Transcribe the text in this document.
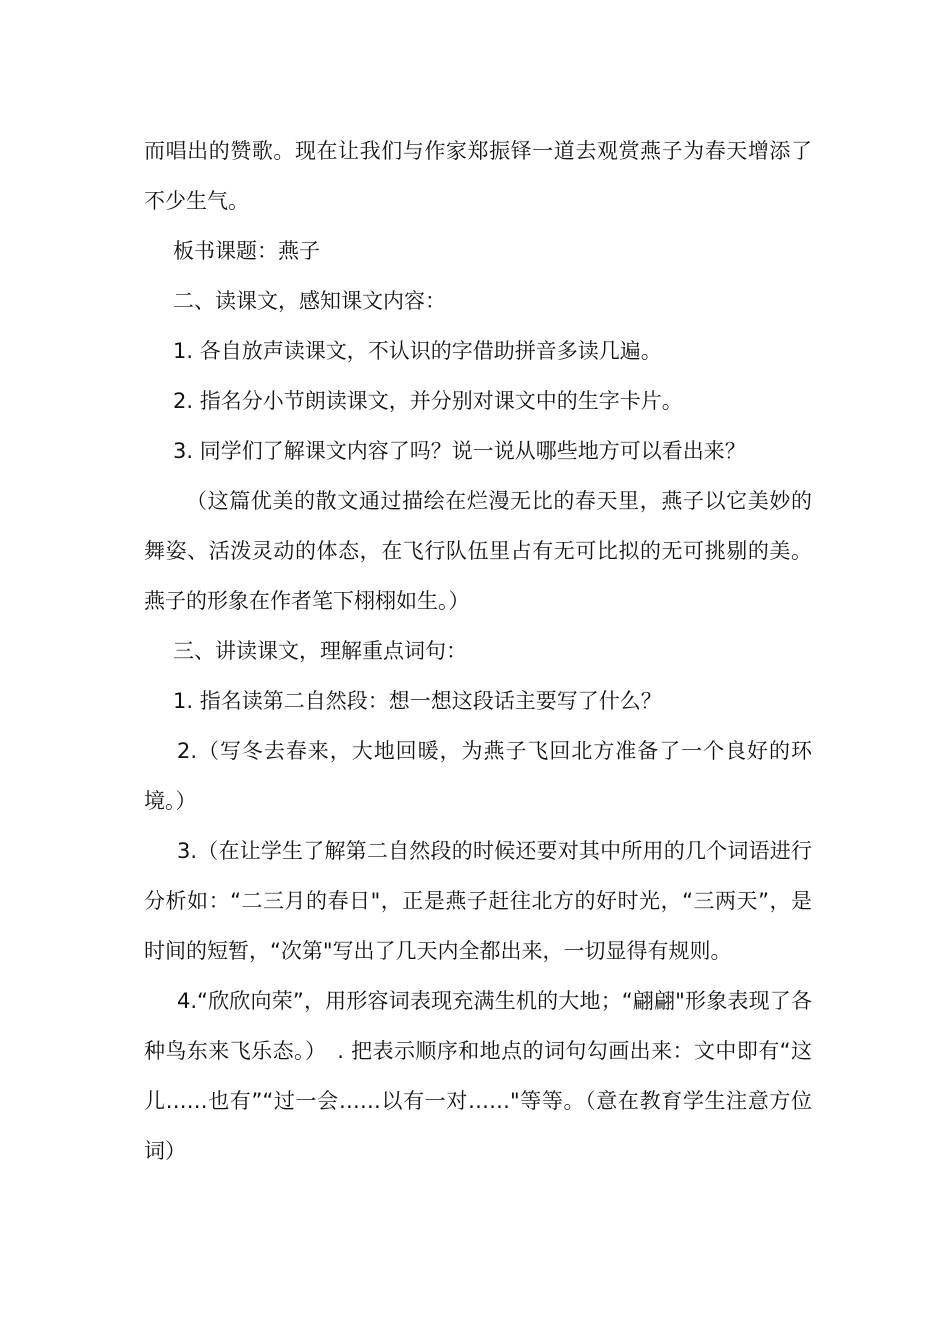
而唱出的赞歌。现在让我们与作家郑振铎一道去观赏燕子为春天增添了不少生气。

板书课题：燕子

二、读课文，感知课文内容：

1. 各自放声读课文，不认识的字借助拼音多读几遍。

2. 指名分小节朗读课文，并分别对课文中的生字卡片。

3. 同学们了解课文内容了吗？说一说从哪些地方可以看出来？

（这篇优美的散文通过描绘在烂漫无比的春天里，燕子以它美妙的舞姿、活泼灵动的体态，在飞行队伍里占有无可比拟的无可挑剔的美。燕子的形象在作者笔下栩栩如生。）

三、讲读课文，理解重点词句：

1. 指名读第二自然段：想一想这段话主要写了什么？

2.（写冬去春来，大地回暖，为燕子飞回北方准备了一个良好的环境。）

3.（在让学生了解第二自然段的时候还要对其中所用的几个词语进行分析如：“二三月的春日"，正是燕子赶往北方的好时光，“三两天”，是时间的短暂，“次第"写出了几天内全都出来，一切显得有规则。

4.“欣欣向荣”，用形容词表现充满生机的大地；“翩翩"形象表现了各种鸟东来飞乐态。）　. 把表示顺序和地点的词句勾画出来：文中即有“这儿……也有”“过一会……以有一对……"等等。（意在教育学生注意方位词）
